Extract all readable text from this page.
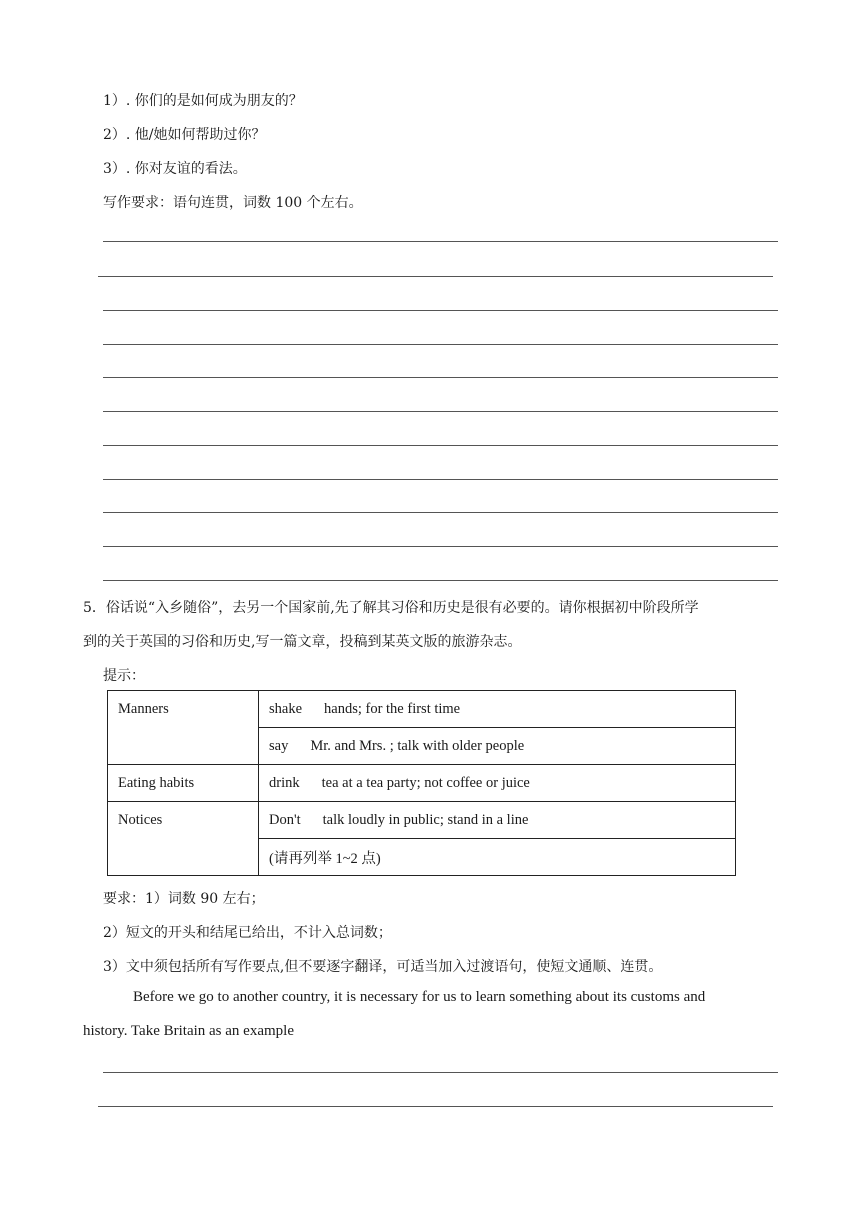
1）. 你们的是如何成为朋友的？
2）. 他/她如何帮助过你？
3）. 你对友谊的看法。
写作要求：语句连贯，词数 100 个左右。
5．俗话说“入乡随俗”，去另一个国家前,先了解其习俗和历史是很有必要的。请你根据初中阶段所学
到的关于英国的习俗和历史,写一篇文章，投稿到某英文版的旅游杂志。
提示：
Manners	shake hands; for the first time
	say Mr. and Mrs. ; talk with older people
Eating habits	drink tea at a tea party; not coffee or juice
Notices	Don't talk loudly in public; stand in a line
	(请再列举 1~2 点)
要求：1）词数 90 左右；
2）短文的开头和结尾已给出，不计入总词数；
3）文中须包括所有写作要点,但不要逐字翻译，可适当加入过渡语句，使短文通顺、连贯。
Before we go to another country, it is necessary for us to learn something about its customs and
history. Take Britain as an example
